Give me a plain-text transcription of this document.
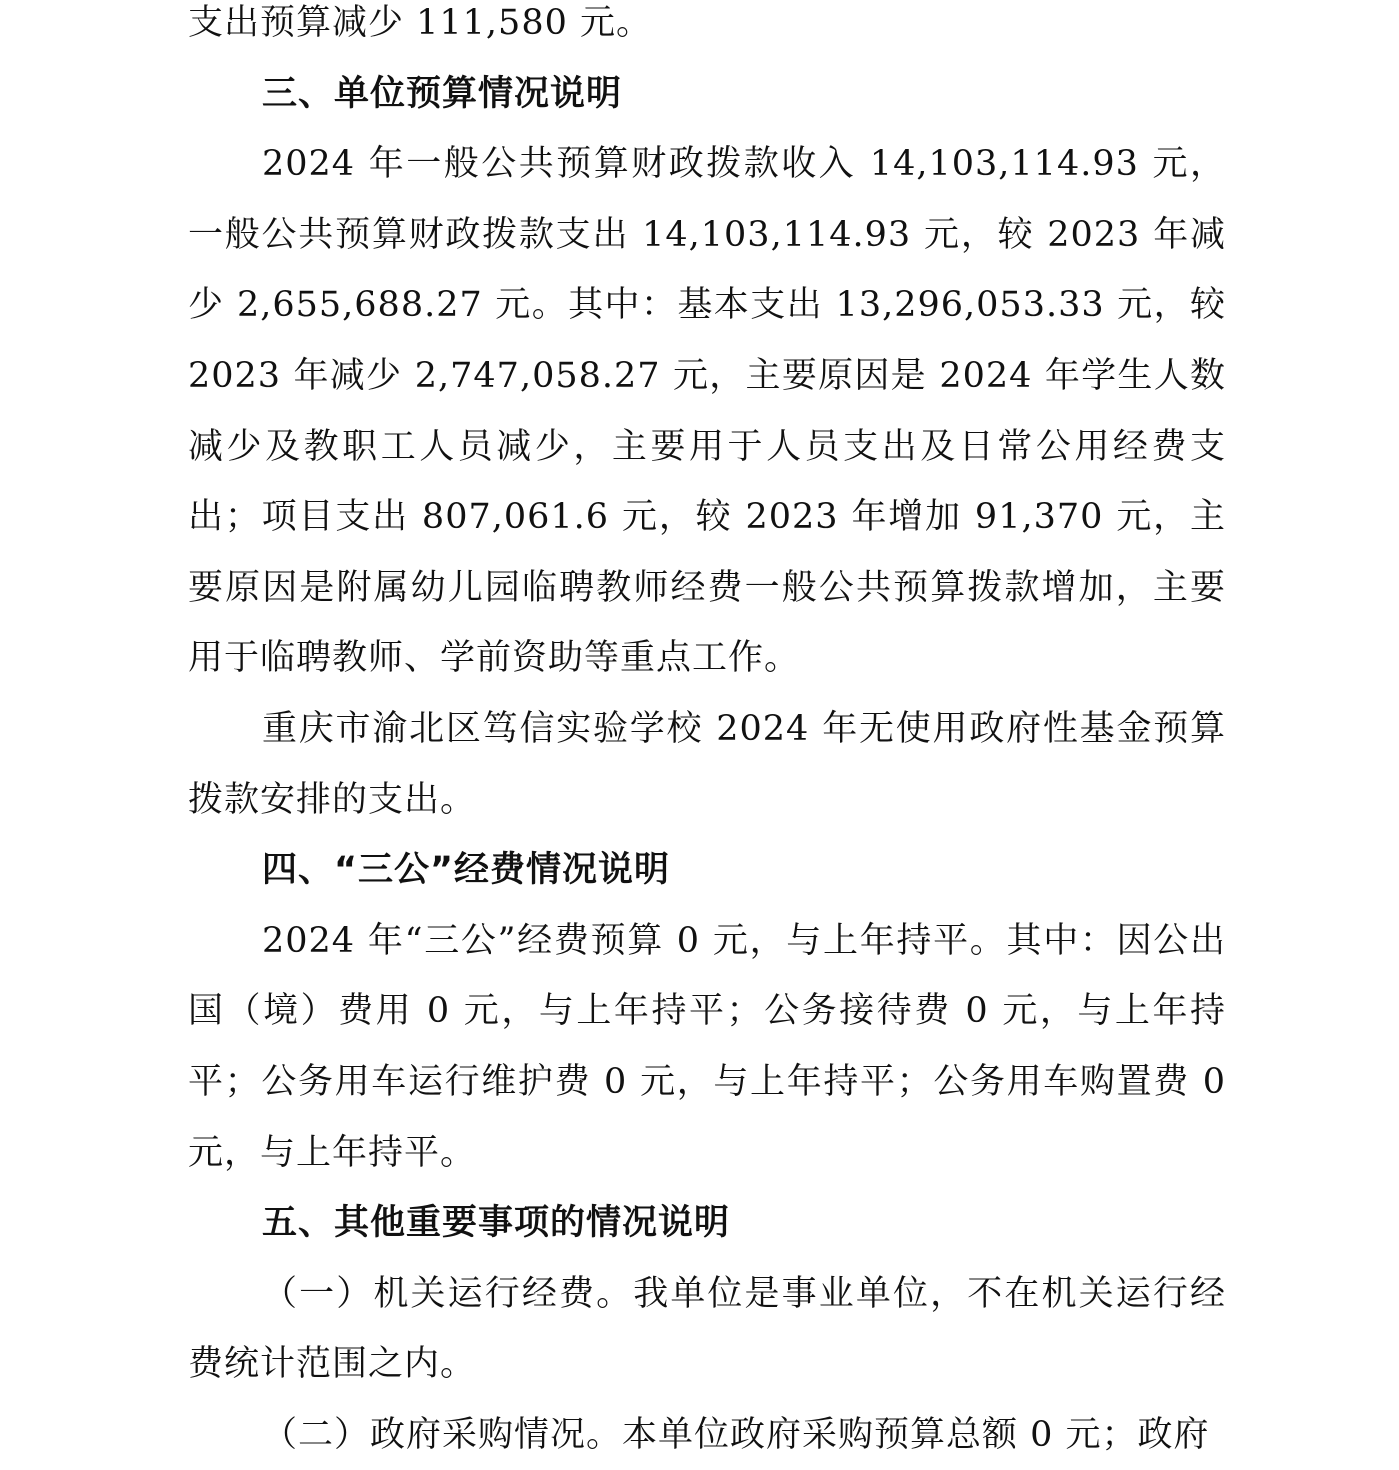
支出预算减少 111,580 元。

三、单位预算情况说明

2024 年一般公共预算财政拨款收入 14,103,114.93 元，一般公共预算财政拨款支出 14,103,114.93 元，较 2023 年减少 2,655,688.27 元。其中：基本支出 13,296,053.33 元，较 2023 年减少 2,747,058.27 元，主要原因是 2024 年学生人数减少及教职工人员减少，主要用于人员支出及日常公用经费支出；项目支出 807,061.6 元，较 2023 年增加 91,370 元，主要原因是附属幼儿园临聘教师经费一般公共预算拨款增加，主要用于临聘教师、学前资助等重点工作。

重庆市渝北区笃信实验学校 2024 年无使用政府性基金预算拨款安排的支出。

四、“三公”经费情况说明

2024 年“三公”经费预算 0 元，与上年持平。其中：因公出国（境）费用 0 元，与上年持平；公务接待费 0 元，与上年持平；公务用车运行维护费 0 元，与上年持平；公务用车购置费 0 元，与上年持平。

五、其他重要事项的情况说明

（一）机关运行经费。我单位是事业单位，不在机关运行经费统计范围之内。

（二）政府采购情况。本单位政府采购预算总额 0 元；政府
